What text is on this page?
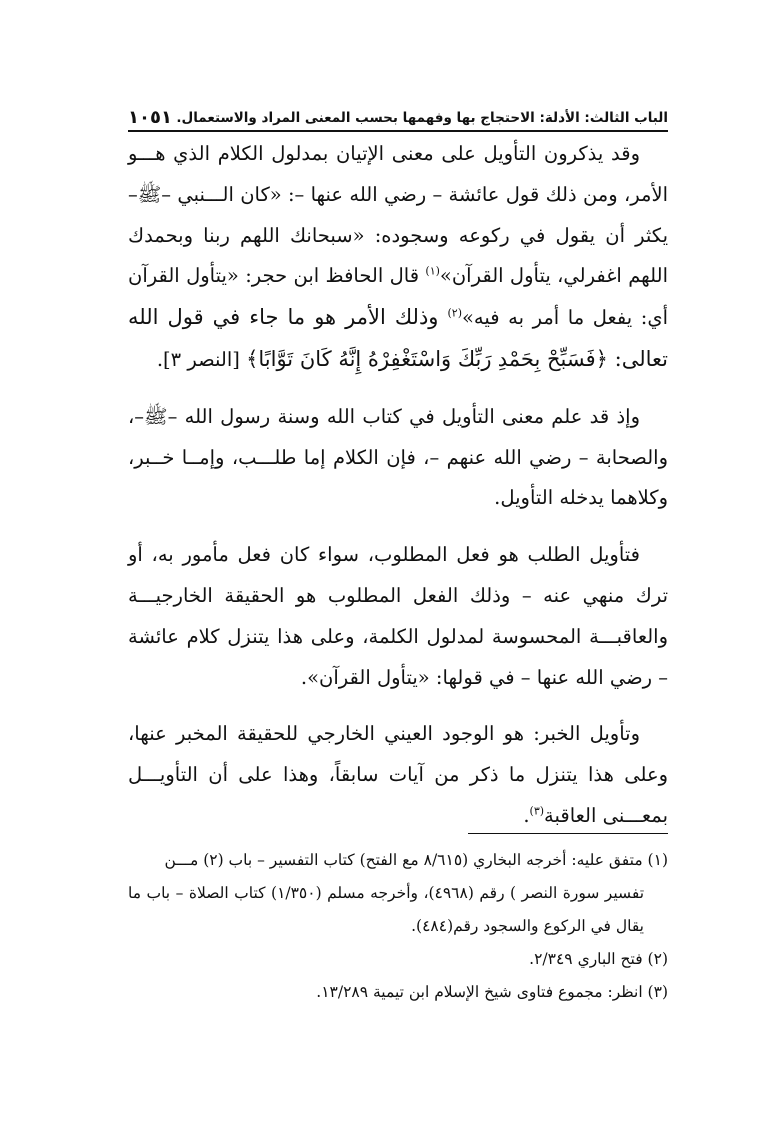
الباب الثالث: الأدلة: الاحتجاج بها وفهمها بحسب المعنى المراد والاستعمال.
١٠٥١

وقد يذكرون التأويل على معنى الإتيان بمدلول الكلام الذي هـــو الأمر، ومن ذلك قول عائشة – رضي الله عنها –: «كان الـــنبي –ﷺ– يكثر أن يقول في ركوعه وسجوده: «سبحانك اللهم ربنا وبحمدك اللهم اغفرلي، يتأول القرآن»$^{(١)}$ قال الحافظ ابن حجر: «يتأول القرآن أي: يفعل ما أمر به فيه»$^{(٢)}$ وذلك الأمر هو ما جاء في قول الله تعالى: ﴿فَسَبِّحْ بِحَمْدِ رَبِّكَ وَاسْتَغْفِرْهُ إِنَّهُ كَانَ تَوَّابًا﴾ [النصر ٣].

وإذ قد علم معنى التأويل في كتاب الله وسنة رسول الله –ﷺ–، والصحابة – رضي الله عنهم –، فإن الكلام إما طلـــب، وإمــا خــبر، وكلاهما يدخله التأويل.

فتأويل الطلب هو فعل المطلوب، سواء كان فعل مأمور به، أو ترك منهي عنه – وذلك الفعل المطلوب هو الحقيقة الخارجيـــة والعاقبـــة المحسوسة لمدلول الكلمة، وعلى هذا يتنزل كلام عائشة – رضي الله عنها – في قولها: «يتأول القرآن».

وتأويل الخبر: هو الوجود العيني الخارجي للحقيقة المخبر عنها، وعلى هذا يتنزل ما ذكر من آيات سابقاً، وهذا على أن التأويـــل بمعـــنى العاقبة$^{(٣)}$.

(١) متفق عليه: أخرجه البخاري (٨/٦١٥ مع الفتح) كتاب التفسير – باب (٢) مـــن

تفسير سورة النصر ) رقم (٤٩٦٨)، وأخرجه مسلم (١/٣٥٠) كتاب الصلاة – باب ما يقال في الركوع والسجود رقم(٤٨٤).

(٢) فتح الباري ٢/٣٤٩.

(٣) انظر: مجموع فتاوى شيخ الإسلام ابن تيمية ١٣/٢٨٩.
